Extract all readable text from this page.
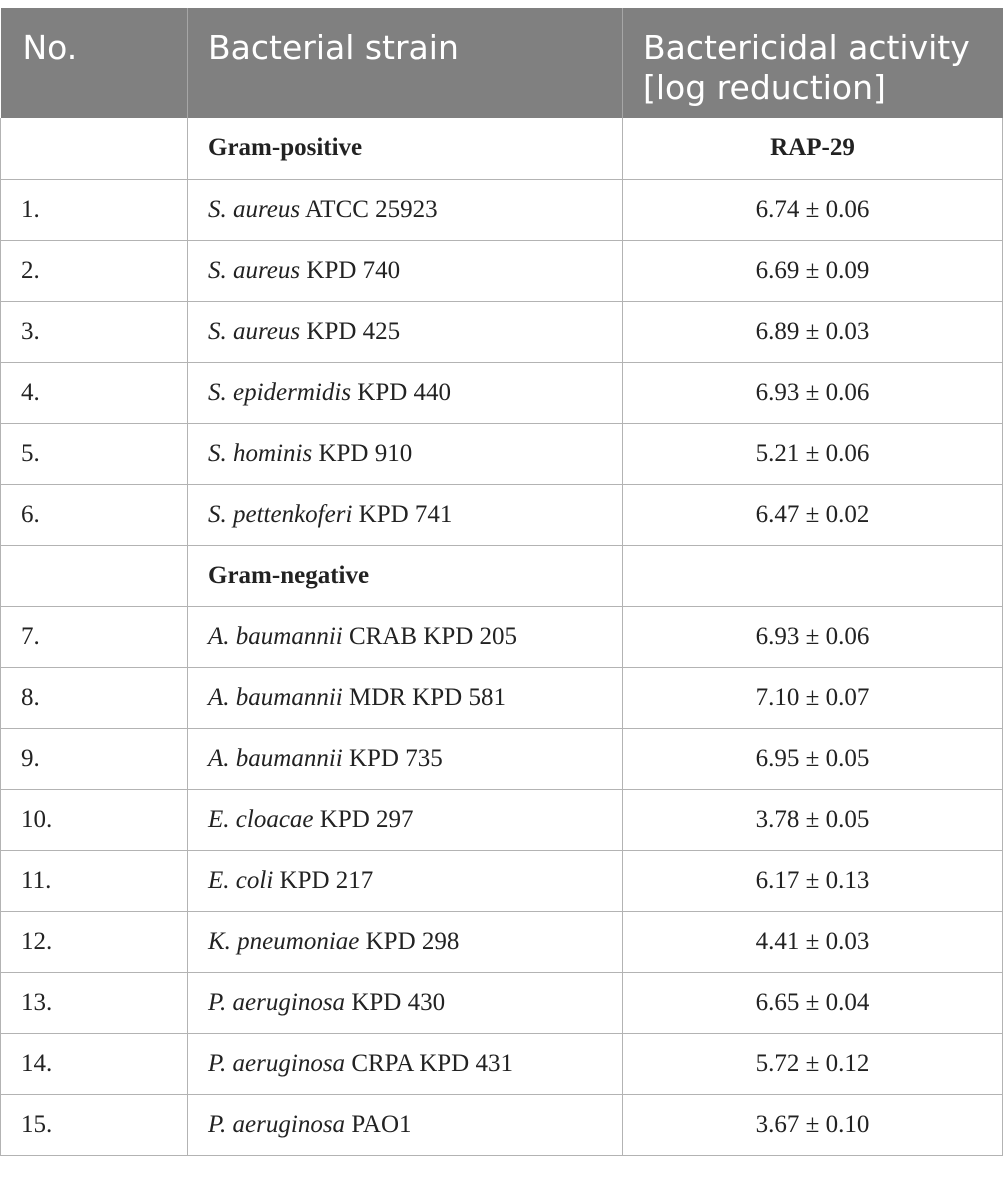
No.	Bacterial strain	Bactericidal activity [log reduction]
	Gram-positive	RAP-29
1.	S. aureus ATCC 25923	6.74 ± 0.06
2.	S. aureus KPD 740	6.69 ± 0.09
3.	S. aureus KPD 425	6.89 ± 0.03
4.	S. epidermidis KPD 440	6.93 ± 0.06
5.	S. hominis KPD 910	5.21 ± 0.06
6.	S. pettenkoferi KPD 741	6.47 ± 0.02
	Gram-negative	
7.	A. baumannii CRAB KPD 205	6.93 ± 0.06
8.	A. baumannii MDR KPD 581	7.10 ± 0.07
9.	A. baumannii KPD 735	6.95 ± 0.05
10.	E. cloacae KPD 297	3.78 ± 0.05
11.	E. coli KPD 217	6.17 ± 0.13
12.	K. pneumoniae KPD 298	4.41 ± 0.03
13.	P. aeruginosa KPD 430	6.65 ± 0.04
14.	P. aeruginosa CRPA KPD 431	5.72 ± 0.12
15.	P. aeruginosa PAO1	3.67 ± 0.10
